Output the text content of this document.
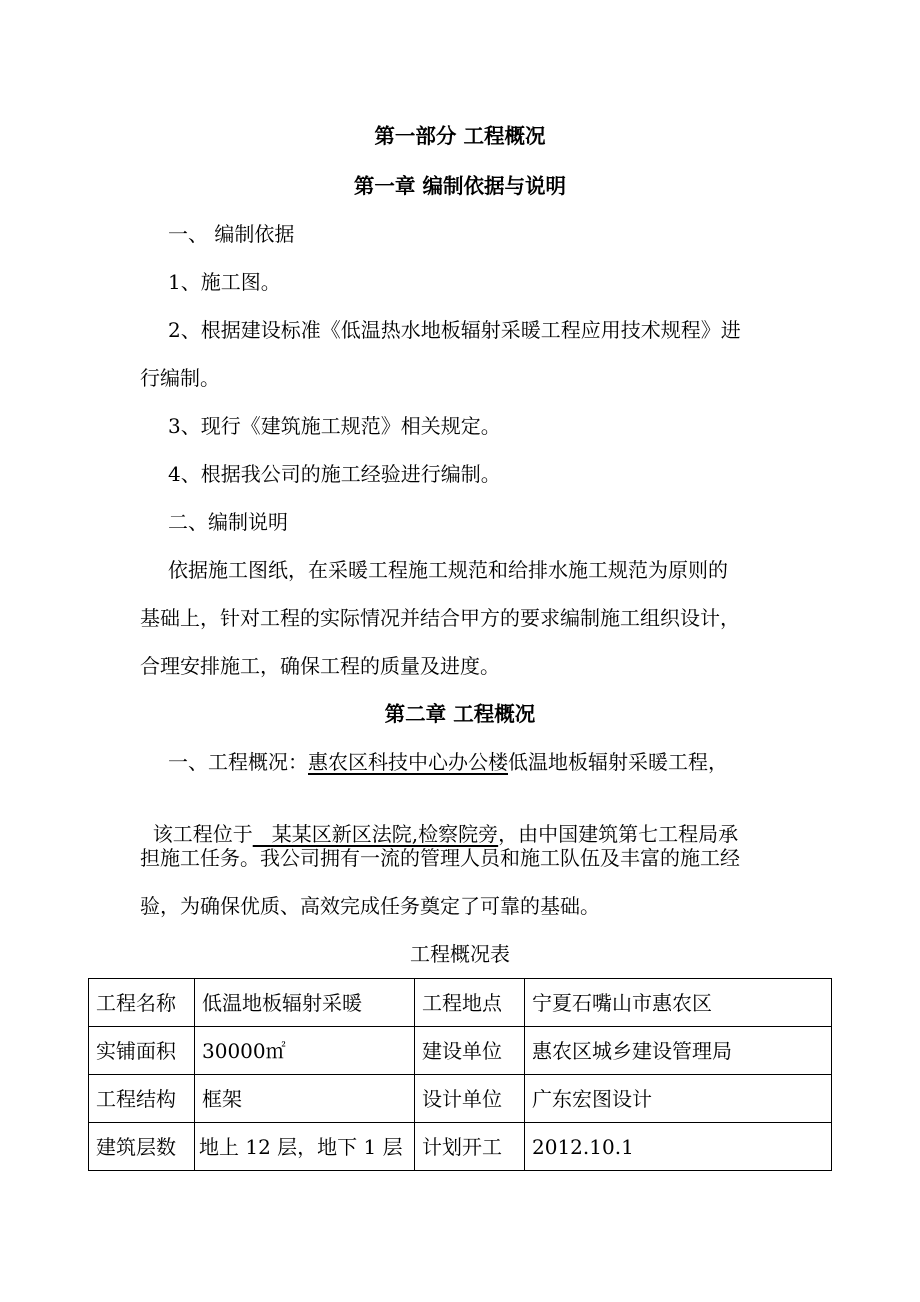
第一部分 工程概况
第一章 编制依据与说明
一、 编制依据
1、施工图。
2、根据建设标准《低温热水地板辐射采暖工程应用技术规程》进
行编制。
3、现行《建筑施工规范》相关规定。
4、根据我公司的施工经验进行编制。
二、编制说明
依据施工图纸，在采暖工程施工规范和给排水施工规范为原则的
基础上，针对工程的实际情况并结合甲方的要求编制施工组织设计，
合理安排施工，确保工程的质量及进度。
第二章 工程概况
一、工程概况：惠农区科技中心办公楼低温地板辐射采暖工程，

该工程位于   某某区新区法院,检察院旁，由中国建筑第七工程局承

担施工任务。我公司拥有一流的管理人员和施工队伍及丰富的施工经
验，为确保优质、高效完成任务奠定了可靠的基础。
工程概况表
工程名称	低温地板辐射采暖	工程地点	宁夏石嘴山市惠农区
实铺面积	30000㎡	建设单位	惠农区城乡建设管理局
工程结构	框架	设计单位	广东宏图设计
建筑层数	地上 12 层，地下 1 层	计划开工	2012.10.1
